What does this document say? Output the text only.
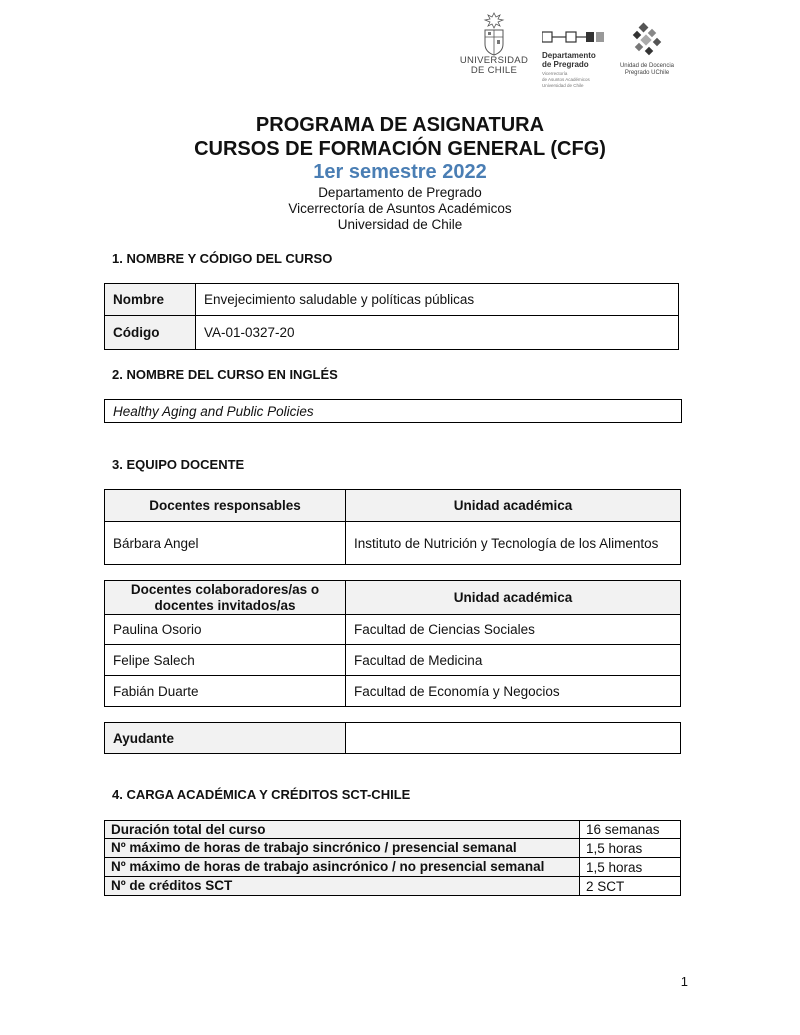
UNIVERSIDAD
DE CHILE
Departamento
de Pregrado
Vicerrectoría
de Asuntos Académicos
Universidad de Chile
Unidad de Docencia
Pregrado UChile
PROGRAMA DE ASIGNATURA
CURSOS DE FORMACIÓN GENERAL (CFG)
1er semestre 2022
Departamento de Pregrado
Vicerrectoría de Asuntos Académicos
Universidad de Chile
1. NOMBRE Y CÓDIGO DEL CURSO
Nombre	Envejecimiento saludable y políticas públicas
Código	VA-01-0327-20
2. NOMBRE DEL CURSO EN INGLÉS
Healthy Aging and Public Policies
3. EQUIPO DOCENTE
Docentes responsables	Unidad académica
Bárbara Angel	Instituto de Nutrición y Tecnología de los Alimentos
Docentes colaboradores/as o docentes invitados/as	Unidad académica
Paulina Osorio	Facultad de Ciencias Sociales
Felipe Salech	Facultad de Medicina
Fabián Duarte	Facultad de Economía y Negocios
Ayudante	
4. CARGA ACADÉMICA Y CRÉDITOS SCT-CHILE
Duración total del curso	16 semanas
Nº máximo de horas de trabajo sincrónico / presencial semanal	1,5 horas
Nº máximo de horas de trabajo asincrónico / no presencial semanal	1,5 horas
Nº de créditos SCT	2 SCT
1
